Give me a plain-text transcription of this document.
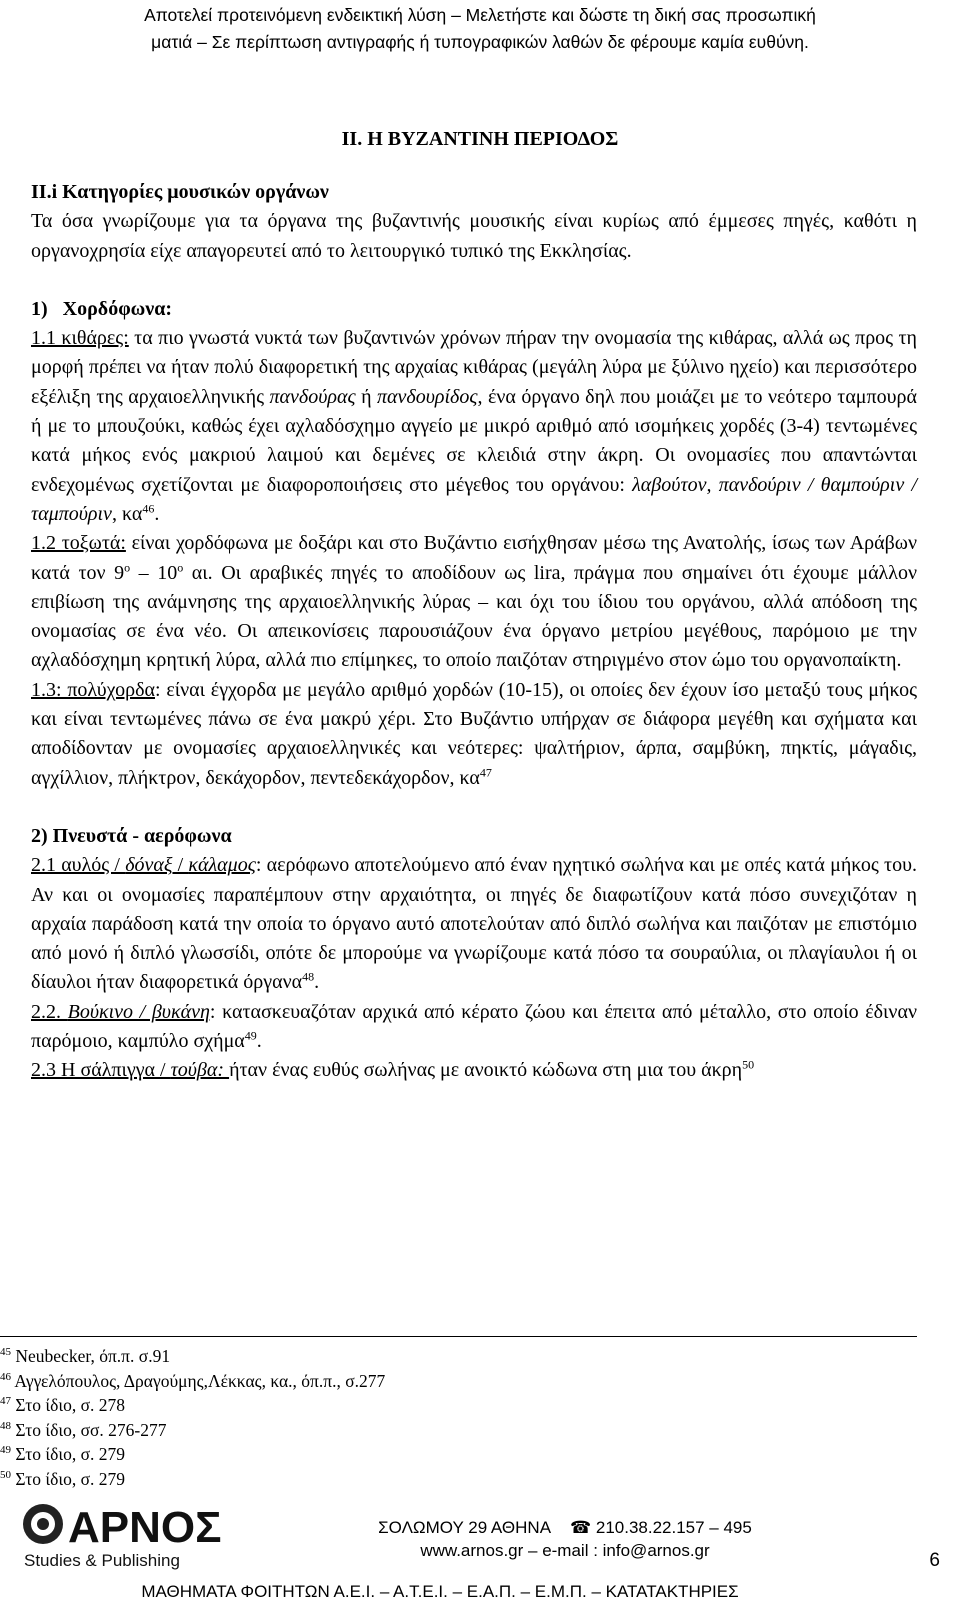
Αποτελεί προτεινόμενη ενδεικτική λύση – Μελετήστε και δώστε τη δική σας προσωπική
ματιά – Σε περίπτωση αντιγραφής ή τυπογραφικών λαθών δε φέρουμε καμία ευθύνη.
ΙΙ. Η ΒΥΖΑΝΤΙΝΗ ΠΕΡΙΟΔΟΣ

ΙΙ.i Κατηγορίες μουσικών οργάνων

Τα όσα γνωρίζουμε για τα όργανα της βυζαντινής μουσικής είναι κυρίως από έμμεσες πηγές, καθότι η οργανοχρησία είχε απαγορευτεί από το λειτουργικό τυπικό της Εκκλησίας.

1)   Χορδόφωνα:

1.1 κιθάρες: τα πιο γνωστά νυκτά των βυζαντινών χρόνων πήραν την ονομασία της κιθάρας, αλλά ως προς τη μορφή πρέπει να ήταν πολύ διαφορετική της αρχαίας κιθάρας (μεγάλη λύρα με ξύλινο ηχείο) και περισσότερο εξέλιξη της αρχαιοελληνικής πανδούρας ή πανδουρίδος, ένα όργανο δηλ που μοιάζει με το νεότερο ταμπουρά ή με το μπουζούκι, καθώς έχει αχλαδόσχημο αγγείο με μικρό αριθμό από ισομήκεις χορδές (3-4) τεντωμένες κατά μήκος ενός μακριού λαιμού και δεμένες σε κλειδιά στην άκρη. Οι ονομασίες που απαντώνται ενδεχομένως σχετίζονται με διαφοροποιήσεις στο μέγεθος του οργάνου: λαβούτον, πανδούριν / θαμπούριν / ταμπούριν, $\kappa\alpha^{46}$.

1.2 τοξωτά: είναι χορδόφωνα με δοξάρι και στο Βυζάντιο εισήχθησαν μέσω της Ανατολής, ίσως των Αράβων κατά τον $9^o - 10^o$ αι. Οι αραβικές πηγές το αποδίδουν ως lira, πράγμα που σημαίνει ότι έχουμε μάλλον επιβίωση της ανάμνησης της αρχαιοελληνικής λύρας – και όχι του ίδιου του οργάνου, αλλά απόδοση της ονομασίας σε ένα νέο. Οι απεικονίσεις παρουσιάζουν ένα όργανο μετρίου μεγέθους, παρόμοιο με την αχλαδόσχημη κρητική λύρα, αλλά πιο επίμηκες, το οποίο παιζόταν στηριγμένο στον ώμο του οργανοπαίκτη.

1.3: πολύχορδα: είναι έγχορδα με μεγάλο αριθμό χορδών (10-15), οι οποίες δεν έχουν ίσο μεταξύ τους μήκος και είναι τεντωμένες πάνω σε ένα μακρύ χέρι. Στο Βυζάντιο υπήρχαν σε διάφορα μεγέθη και σχήματα και αποδίδονταν με ονομασίες αρχαιοελληνικές και νεότερες: ψαλτήριον, άρπα, σαμβύκη, πηκτίς, μάγαδις, αγχίλλιον, πλήκτρον, δεκάχορδον, πεντεδεκάχορδον, $\kappa\alpha^{47}$

2) Πνευστά - αερόφωνα

2.1 αυλός / δόναξ / κάλαμος: αερόφωνο αποτελούμενο από έναν ηχητικό σωλήνα και με οπές κατά μήκος του. Αν και οι ονομασίες παραπέμπουν στην αρχαιότητα, οι πηγές δε διαφωτίζουν κατά πόσο συνεχιζόταν η αρχαία παράδοση κατά την οποία το όργανο αυτό αποτελούταν από διπλό σωλήνα και παιζόταν με επιστόμιο από μονό ή διπλό γλωσσίδι, οπότε δε μπορούμε να γνωρίζουμε κατά πόσο τα σουραύλια, οι πλαγίαυλοι ή οι δίαυλοι ήταν διαφορετικά όργανα$^{48}$.

2.2. Βούκινο / βυκάνη: κατασκευαζόταν αρχικά από κέρατο ζώου και έπειτα από μέταλλο, στο οποίο έδιναν παρόμοιο, καμπύλο σχήμα$^{49}$.

2.3 Η σάλπιγγα / τούβα: ήταν ένας ευθύς σωλήνας με ανοικτό κώδωνα στη μια του άκρη$^{50}$

$^{45}$ Neubecker, όπ.π. σ.91
$^{46}$ Αγγελόπουλος, Δραγούμης,Λέκκας, κα., όπ.π., σ.277
$^{47}$ Στο ίδιο, σ. 278
$^{48}$ Στο ίδιο, σσ. 276-277
$^{49}$ Στο ίδιο, σ. 279
$^{50}$ Στο ίδιο, σ. 279
ΑΡΝΟΣ
Studies & Publishing
ΣΟΛΩΜΟΥ 29 ΑΘΗΝΑ ☎ 210.38.22.157 – 495
www.arnos.gr – e-mail : info@arnos.gr
ΜΑΘΗΜΑΤΑ ΦΟΙΤΗΤΩΝ Α.Ε.Ι. – Α.Τ.Ε.Ι. – Ε.Α.Π. – Ε.Μ.Π. – ΚΑΤΑΤΑΚΤΗΡΙΕΣ
6
